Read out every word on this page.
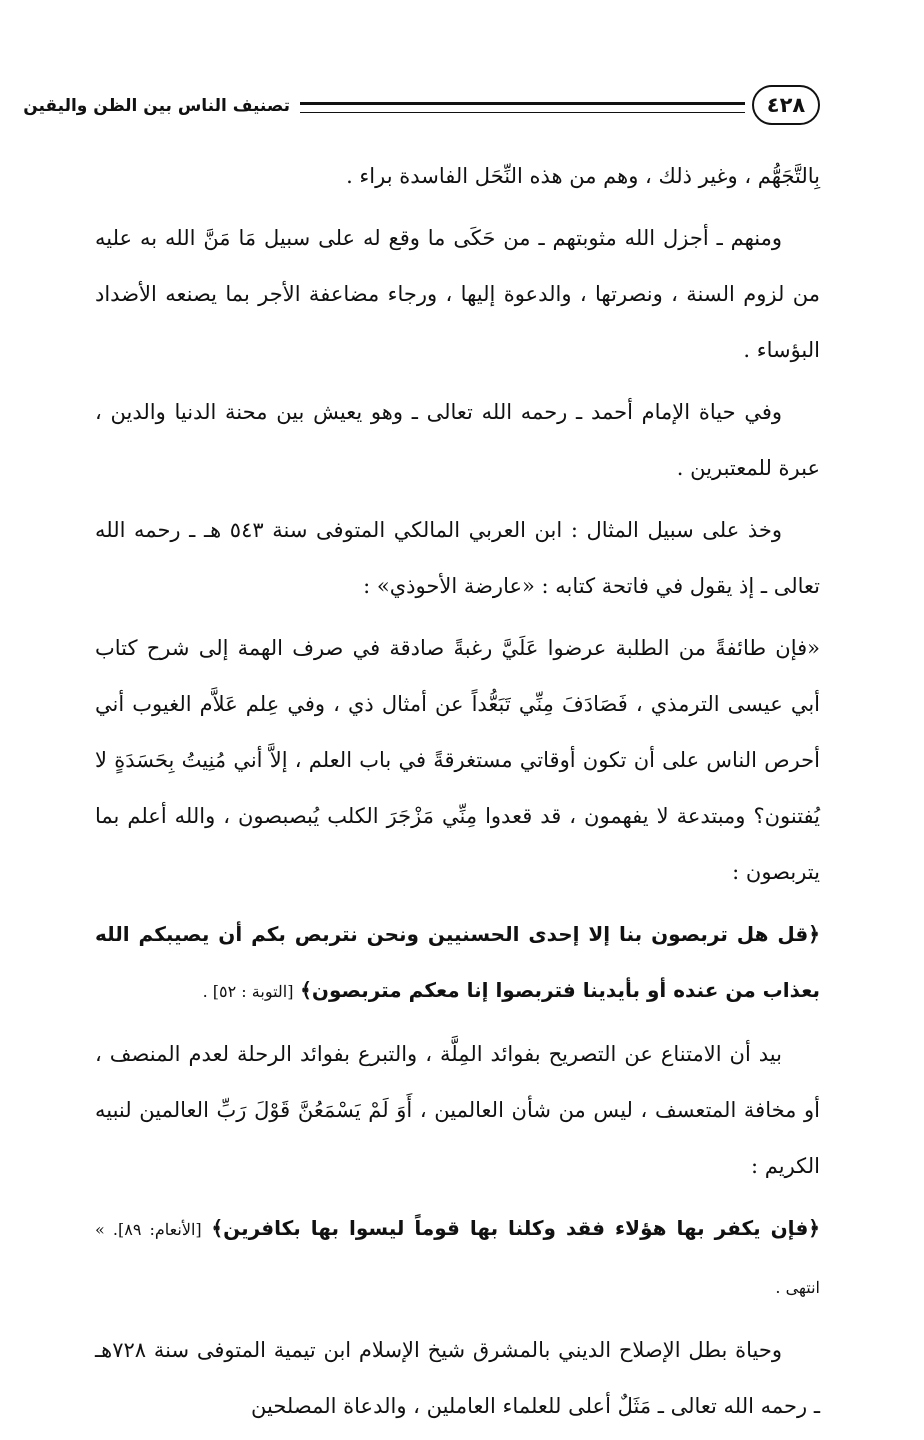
تصنيف الناس بين الظن واليقين	٤٢٨

بِالتَّجَهُّم ، وغير ذلك ، وهم من هذه النِّحَل الفاسدة براء .

ومنهم ـ أجزل الله مثوبتهم ـ من حَكَى ما وقع له على سبيل مَا مَنَّ الله به عليه من لزوم السنة ، ونصرتها ، والدعوة إليها ، ورجاء مضاعفة الأجر بما يصنعه الأضداد البؤساء .

وفي حياة الإمام أحمد ـ رحمه الله تعالى ـ وهو يعيش بين محنة الدنيا والدين ، عبرة للمعتبرين .

وخذ على سبيل المثال : ابن العربي المالكي المتوفى سنة ٥٤٣ هـ ـ رحمه الله تعالى ـ إذ يقول في فاتحة كتابه : «عارضة الأحوذي» :

«فإن طائفةً من الطلبة عرضوا عَلَيَّ رغبةً صادقة في صرف الهمة إلى شرح كتاب أبي عيسى الترمذي ، فَصَادَفَ مِنِّي تَبَعُّداً عن أمثال ذي ، وفي عِلم عَلاَّم الغيوب أني أحرص الناس على أن تكون أوقاتي مستغرقةً في باب العلم ، إلاَّ أني مُنِيتُ بِحَسَدَةٍ لا يُفتنون؟ ومبتدعة لا يفهمون ، قد قعدوا مِنِّي مَزْجَرَ الكلب يُبصبصون ، والله أعلم بما يتربصون :

﴿قل هل تربصون بنا إلا إحدى الحسنيين ونحن نتربص بكم أن يصيبكم الله بعذاب من عنده أو بأيدينا فتربصوا إنا معكم متربصون﴾ [التوبة : ٥٢] .

بيد أن الامتناع عن التصريح بفوائد المِلَّة ، والتبرع بفوائد الرحلة لعدم المنصف ، أو مخافة المتعسف ، ليس من شأن العالمين ، أَوَ لَمْ يَسْمَعُنَّ قَوْلَ رَبِّ العالمين لنبيه الكريم :

﴿فإن يكفر بها هؤلاء فقد وكلنا بها قوماً ليسوا بها بكافرين﴾ [الأنعام: ٨٩]. » انتهى .

وحياة بطل الإصلاح الديني بالمشرق شيخ الإسلام ابن تيمية المتوفى سنة ٧٢٨هـ ـ رحمه الله تعالى ـ مَثَلٌ أعلى للعلماء العاملين ، والدعاة المصلحين
